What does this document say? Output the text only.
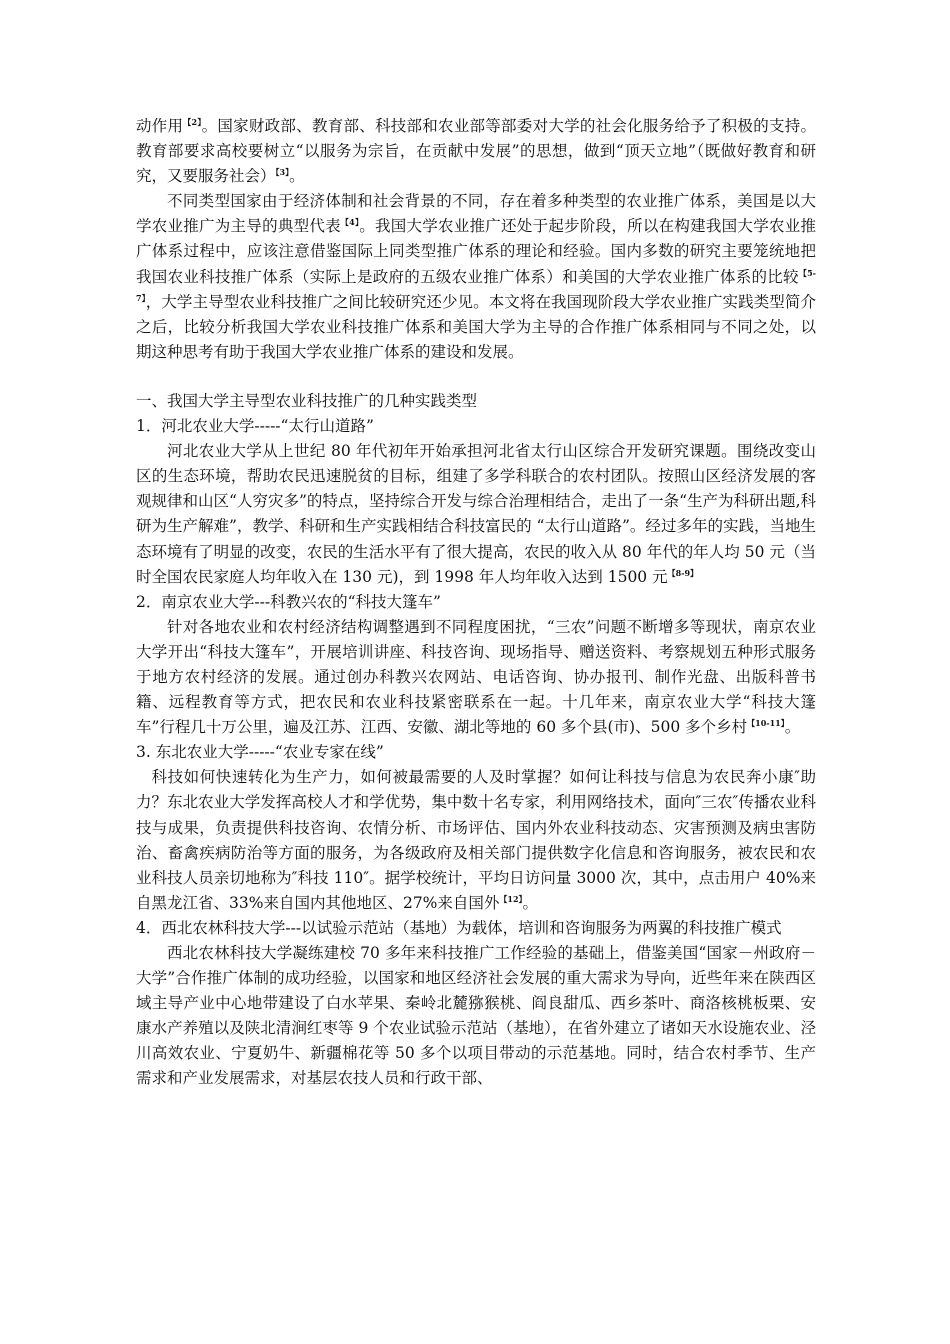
动作用$^{【2】}$。国家财政部、教育部、科技部和农业部等部委对大学的社会化服务给予了积极的支持。教育部要求高校要树立“以服务为宗旨，在贡献中发展”的思想，做到“顶天立地”（既做好教育和研究，又要服务社会）$^{【3】}$。

不同类型国家由于经济体制和社会背景的不同，存在着多种类型的农业推广体系，美国是以大学农业推广为主导的典型代表$^{【4】}$。我国大学农业推广还处于起步阶段，所以在构建我国大学农业推广体系过程中，应该注意借鉴国际上同类型推广体系的理论和经验。国内多数的研究主要笼统地把我国农业科技推广体系（实际上是政府的五级农业推广体系）和美国的大学农业推广体系的比较$^{【5-7】}$，大学主导型农业科技推广之间比较研究还少见。本文将在我国现阶段大学农业推广实践类型简介之后，比较分析我国大学农业科技推广体系和美国大学为主导的合作推广体系相同与不同之处，以期这种思考有助于我国大学农业推广体系的建设和发展。

一、我国大学主导型农业科技推广的几种实践类型

1．河北农业大学-----“太行山道路”

河北农业大学从上世纪 80 年代初年开始承担河北省太行山区综合开发研究课题。围绕改变山区的生态环境，帮助农民迅速脱贫的目标，组建了多学科联合的农村团队。按照山区经济发展的客观规律和山区“人穷灾多”的特点，坚持综合开发与综合治理相结合，走出了一条“生产为科研出题,科研为生产解难”，教学、科研和生产实践相结合科技富民的 “太行山道路”。经过多年的实践，当地生态环境有了明显的改变，农民的生活水平有了很大提高，农民的收入从 80 年代的年人均 50 元（当时全国农民家庭人均年收入在 130 元)，到 1998 年人均年收入达到 1500 元$^{【8-9】}$

2．南京农业大学---科教兴农的“科技大篷车”

针对各地农业和农村经济结构调整遇到不同程度困扰，“三农”问题不断增多等现状，南京农业大学开出“科技大篷车”，开展培训讲座、科技咨询、现场指导、赠送资料、考察规划五种形式服务于地方农村经济的发展。通过创办科教兴农网站、电话咨询、协办报刊、制作光盘、出版科普书籍、远程教育等方式，把农民和农业科技紧密联系在一起。十几年来，南京农业大学“科技大篷车”行程几十万公里，遍及江苏、江西、安徽、湖北等地的 60 多个县(市)、500 多个乡村$^{【10-11】}$。

3. 东北农业大学-----“农业专家在线”

科技如何快速转化为生产力，如何被最需要的人及时掌握？如何让科技与信息为农民奔小康″助力？东北农业大学发挥高校人才和学优势，集中数十名专家，利用网络技术，面向″三农″传播农业科技与成果，负责提供科技咨询、农情分析、市场评估、国内外农业科技动态、灾害预测及病虫害防治、畜禽疾病防治等方面的服务，为各级政府及相关部门提供数字化信息和咨询服务，被农民和农业科技人员亲切地称为″科技 110″。据学校统计，平均日访问量 3000 次，其中，点击用户 40%来自黑龙江省、33%来自国内其他地区、27%来自国外$^{【12】}$。

4．西北农林科技大学---以试验示范站（基地）为载体，培训和咨询服务为两翼的科技推广模式

西北农林科技大学凝练建校 70 多年来科技推广工作经验的基础上，借鉴美国“国家－州政府－大学”合作推广体制的成功经验，以国家和地区经济社会发展的重大需求为导向，近些年来在陕西区域主导产业中心地带建设了白水苹果、秦岭北麓猕猴桃、阎良甜瓜、西乡茶叶、商洛核桃板栗、安康水产养殖以及陕北清涧红枣等 9 个农业试验示范站（基地），在省外建立了诸如天水设施农业、泾川高效农业、宁夏奶牛、新疆棉花等 50 多个以项目带动的示范基地。同时，结合农村季节、生产需求和产业发展需求，对基层农技人员和行政干部、
